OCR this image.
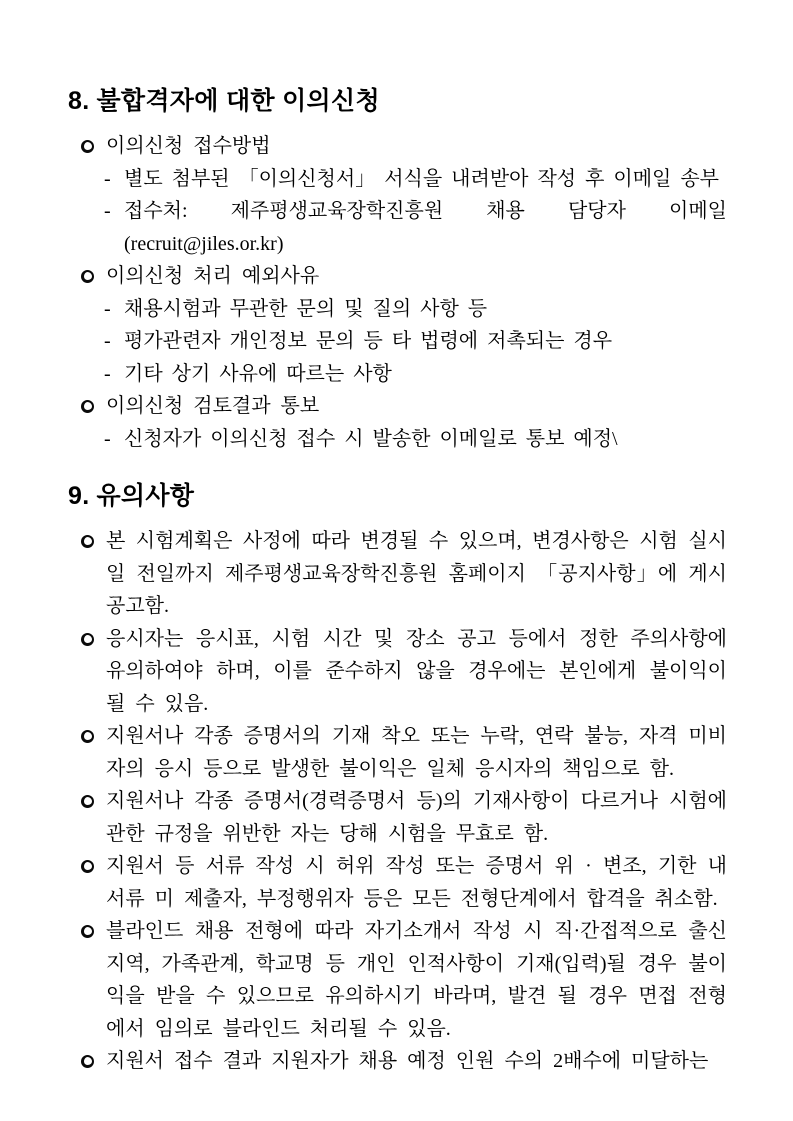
8. 불합격자에 대한 이의신청

이의신청 접수방법

- 별도 첨부된 「이의신청서」 서식을 내려받아 작성 후 이메일 송부

- 접수처: 제주평생교육장학진흥원 채용 담당자 이메일 (recruit@jiles.or.kr)

이의신청 처리 예외사유

- 채용시험과 무관한 문의 및 질의 사항 등

- 평가관련자 개인정보 문의 등 타 법령에 저촉되는 경우

- 기타 상기 사유에 따르는 사항

이의신청 검토결과 통보

- 신청자가 이의신청 접수 시 발송한 이메일로 통보 예정\

9. 유의사항

본 시험계획은 사정에 따라 변경될 수 있으며, 변경사항은 시험 실시일 전일까지 제주평생교육장학진흥원 홈페이지 「공지사항」에 게시 공고함.

응시자는 응시표, 시험 시간 및 장소 공고 등에서 정한 주의사항에 유의하여야 하며, 이를 준수하지 않을 경우에는 본인에게 불이익이 될 수 있음.

지원서나 각종 증명서의 기재 착오 또는 누락, 연락 불능, 자격 미비자의 응시 등으로 발생한 불이익은 일체 응시자의 책임으로 함.

지원서나 각종 증명서(경력증명서 등)의 기재사항이 다르거나 시험에 관한 규정을 위반한 자는 당해 시험을 무효로 함.

지원서 등 서류 작성 시 허위 작성 또는 증명서 위 · 변조, 기한 내 서류 미 제출자, 부정행위자 등은 모든 전형단계에서 합격을 취소함.

블라인드 채용 전형에 따라 자기소개서 작성 시 직·간접적으로 출신 지역, 가족관계, 학교명 등 개인 인적사항이 기재(입력)될 경우 불이익을 받을 수 있으므로 유의하시기 바라며, 발견 될 경우 면접 전형에서 임의로 블라인드 처리될 수 있음.

지원서 접수 결과 지원자가 채용 예정 인원 수의 2배수에 미달하는
